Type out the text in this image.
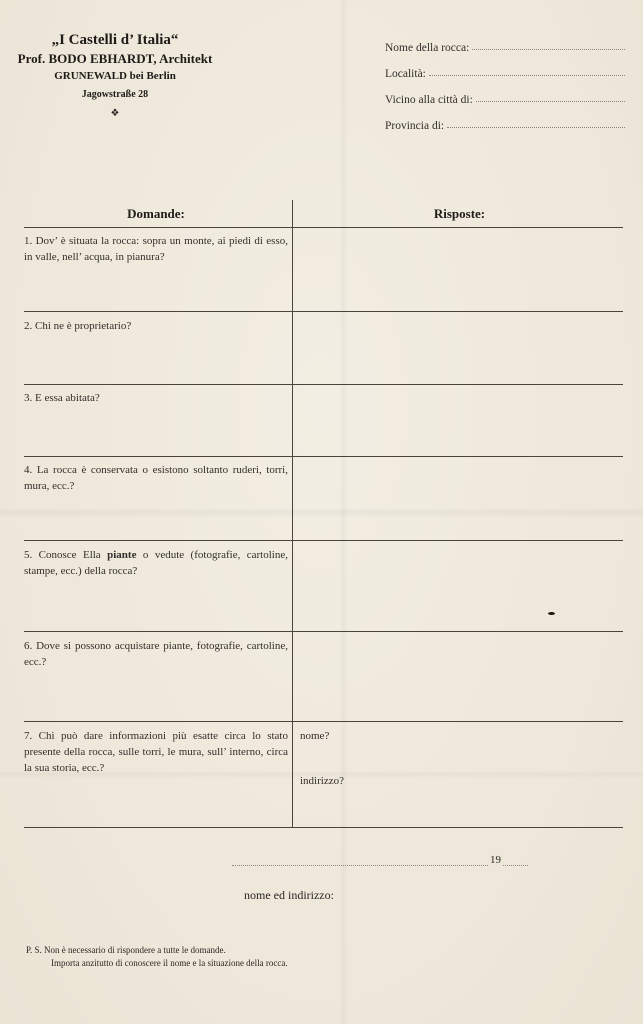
„I Castelli d’ Italia“
Prof. BODO EBHARDT, Architekt
GRUNEWALD bei Berlin
Jagowstraße 28
❖
Nome della rocca:
Località:
Vicino alla città di:
Provincia di:
Domande:	Risposte:
1. Dov’ è situata la rocca: sopra un monte, ai piedi di esso, in valle, nell’ acqua, in pianura?
2. Chi ne è proprietario?
3. E essa abitata?
4. La rocca è conservata o esistono soltanto ruderi, torri, mura, ecc.?
5. Conosce Ella piante o vedute (fotografie, cartoline, stampe, ecc.) della rocca?
6. Dove si possono acquistare piante, fotografie, cartoline, ecc.?
7. Chi può dare informazioni più esatte circa lo stato presente della rocca, sulle torri, le mura, sull’ interno, circa la sua storia, ecc.?
nome?
indirizzo?
19
nome ed indirizzo:
P. S. Non è necessario di rispondere a tutte le domande.
Importa anzitutto di conoscere il nome e la situazione della rocca.
